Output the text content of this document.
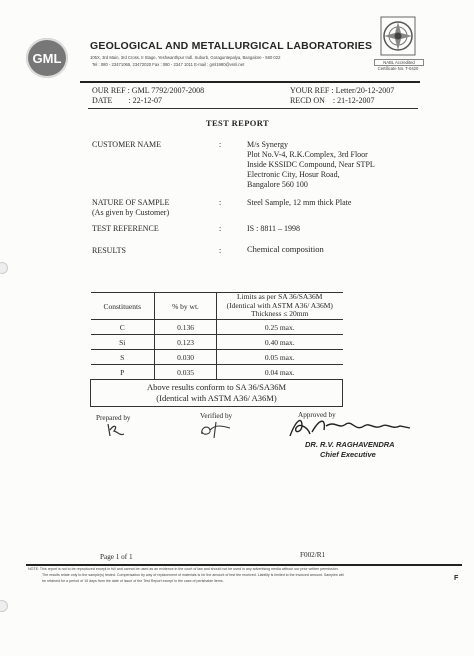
GML
GEOLOGICAL AND METALLURGICAL LABORATORIES
105X, 3rd Main, 3rd Cross, II Stage, Yeshwanthpur Indl. Suburb, Goraguntepalya, Bangalore - 560 022
Tel : 080 - 23471065, 23472020 Fax : 080 - 2347 1011 E-mail : gml1980@vsnl.net	NABL Accredited
Certificate No. T-0420
OUR REF : GML 7792/2007-2008
DATE : 22-12-07
YOUR REF : Letter/20-12-2007
RECD ON : 21-12-2007
TEST REPORT
CUSTOMER NAME	:	M/s Synergy
Plot No.V-4, R.K.Complex, 3rd Floor
Inside KSSIDC Compound, Near STPL
Electronic City, Hosur Road,
Bangalore 560 100
NATURE OF SAMPLE
(As given by Customer)
:	Steel Sample, 12 mm thick Plate
TEST REFERENCE	:	IS : 8811 – 1998
RESULTS	:	Chemical composition
Constituents	% by wt.	Limits as per SA 36/SA36M
(Identical with ASTM A36/ A36M)
Thickness ≤ 20mm

C	0.136	0.25 max.
Si	0.123	0.40 max.
S	0.030	0.05 max.
P	0.035	0.04 max.

Above results conform to SA 36/SA36M
(Identical with ASTM A36/ A36M)		
Prepared by	Verified by	Approved by
DR. R.V. RAGHAVENDRA
Chief Executive
Page 1 of 1	F002/R1
NOTE: This report is not to be reproduced except in full and cannot be used as an evidence in the court of law and should not be used in any advertising media without our prior written permission.
The results relate only to the sample(s) tested. Compensation by way of replacement of materials is for the amount of test fee received. Liability is limited to the invoiced amount. Samples will
be retained for a period of 15 days from the date of issue of the Test Report except in the case of perishable items.	F
